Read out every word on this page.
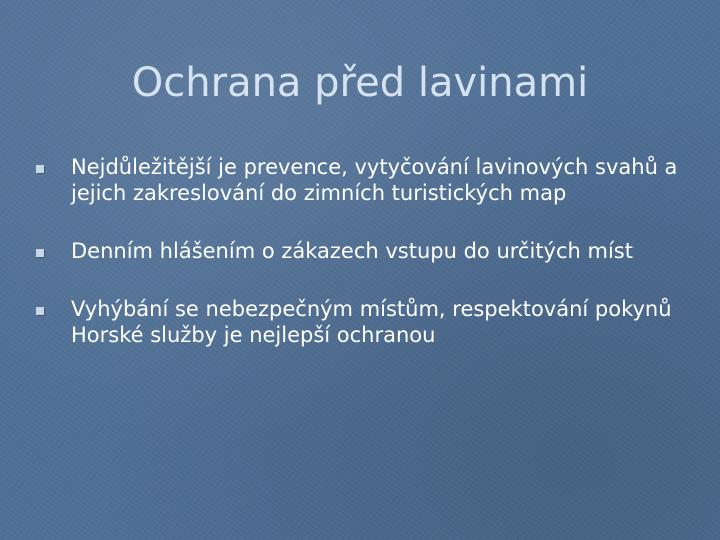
Ochrana před lavinami
Nejdůležitější je prevence, vytyčování lavinových svahů a jejich zakreslování do zimních turistických map
Denním hlášením o zákazech vstupu do určitých míst
Vyhýbání se nebezpečným místům, respektování pokynů Horské služby je nejlepší ochranou
